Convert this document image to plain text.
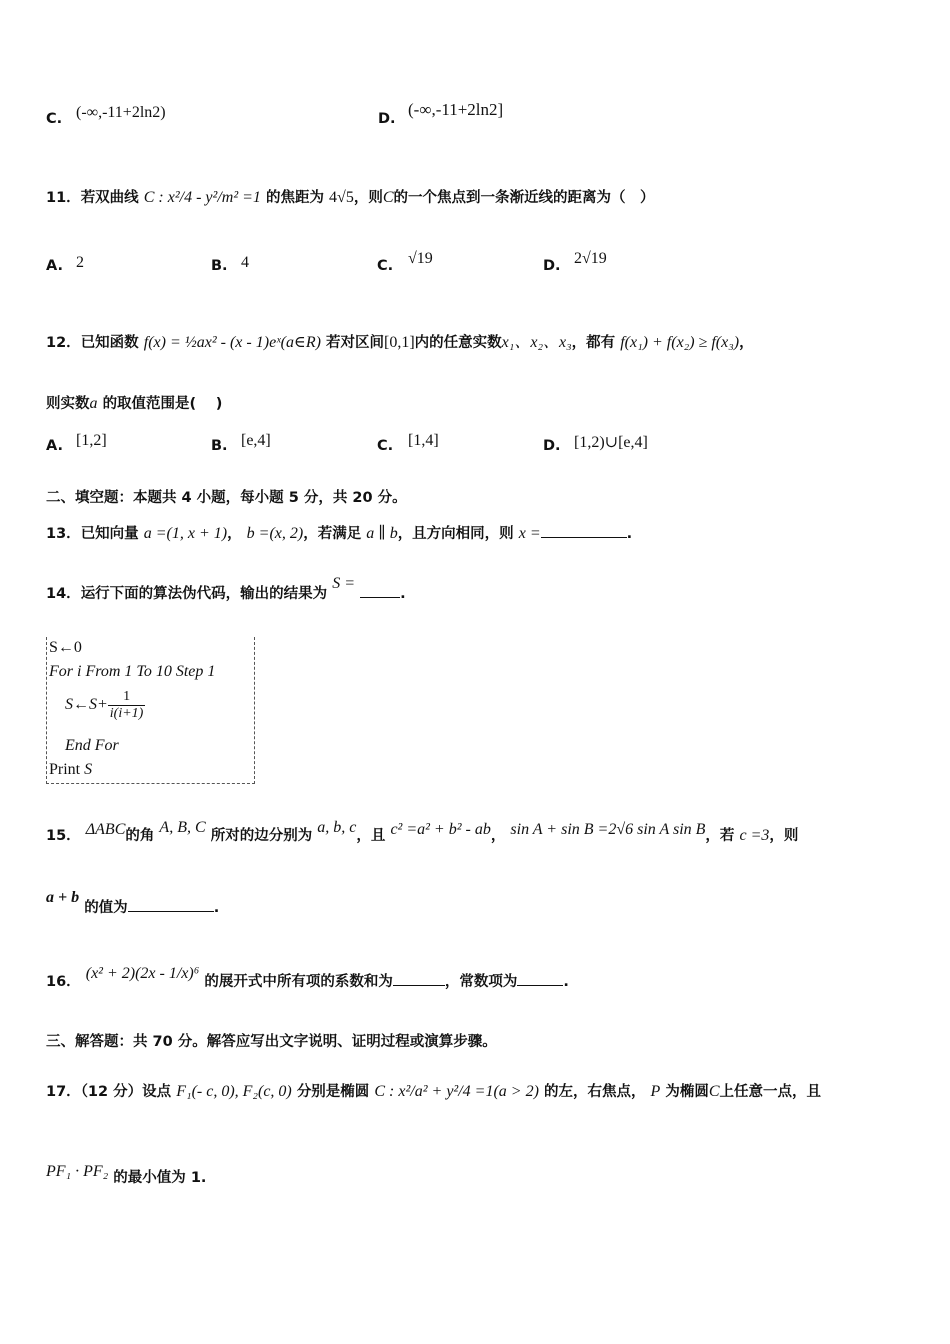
C. (-∞,-11+2ln2)	D. (-∞,-11+2ln2]
11．若双曲线 C : x²/4 - y²/m² =1 的焦距为 4√5，则C的一个焦点到一条渐近线的距离为（　）
A. 2	B. 4	C. √19	D. 2√19
12．已知函数 f(x) = ½ax² - (x - 1)eˣ(a∈R) 若对区间[0,1]内的任意实数x₁、x₂、x₃，都有 f(x₁) + f(x₂) ≥ f(x₃)，
则实数a 的取值范围是(　 )
A. [1,2]	B. [e,4]	C. [1,4]	D. [1,2)∪[e,4]
二、填空题：本题共 4 小题，每小题 5 分，共 20 分。
13．已知向量 a =(1, x + 1)， b =(x, 2)，若满足 a ∥ b，且方向相同，则 x =	.
14．运行下面的算法伪代码，输出的结果为 S = .
S←0
For i From 1 To 10 Step 1
S←S+ $\frac{1}{i(i+1)}$
End For
Print S
15． ΔABC的角 A, B, C 所对的边分别为 a, b, c，且 c² =a² + b² - ab， sin A + sin B =2√6 sin A sin B，若 c =3，则
a + b 的值为	.
16． (x² + 2)(2x - 1/x)⁶ 的展开式中所有项的系数和为	，常数项为	.
三、解答题：共 70 分。解答应写出文字说明、证明过程或演算步骤。
17．（12 分）设点 F₁(- c, 0), F₂(c, 0) 分别是椭圆 C : x²/a² + y²/4 =1(a > 2) 的左，右焦点， P 为椭圆C上任意一点，且
PF₁ · PF₂ 的最小值为 1.
